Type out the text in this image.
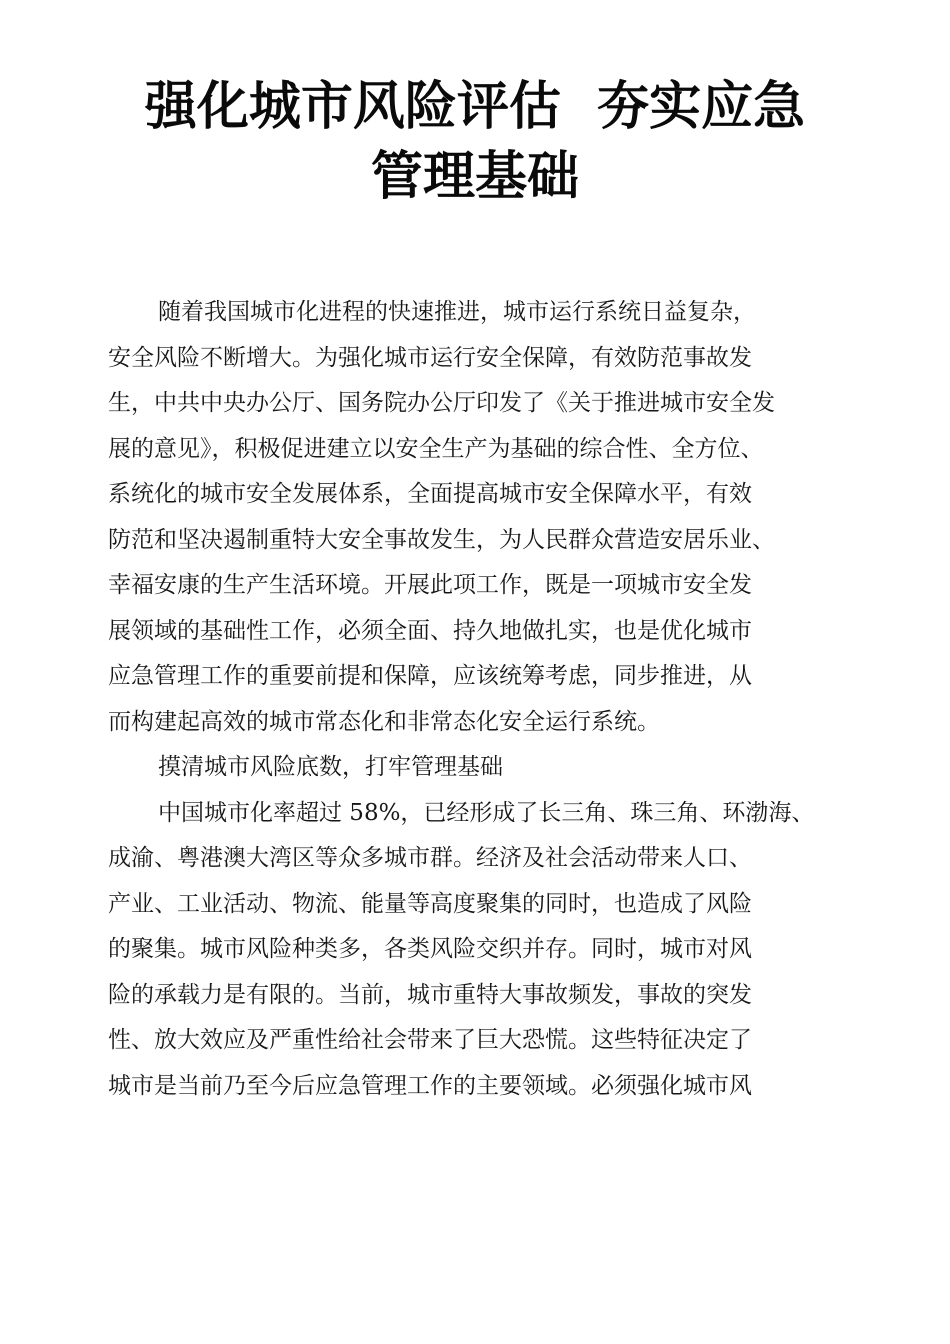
强化城市风险评估  夯实应急
管理基础
随着我国城市化进程的快速推进，城市运行系统日益复杂，
安全风险不断增大。为强化城市运行安全保障，有效防范事故发
生，中共中央办公厅、国务院办公厅印发了《关于推进城市安全发
展的意见》，积极促进建立以安全生产为基础的综合性、全方位、
系统化的城市安全发展体系，全面提高城市安全保障水平，有效
防范和坚决遏制重特大安全事故发生，为人民群众营造安居乐业、
幸福安康的生产生活环境。开展此项工作，既是一项城市安全发
展领域的基础性工作，必须全面、持久地做扎实，也是优化城市
应急管理工作的重要前提和保障，应该统筹考虑，同步推进，从
而构建起高效的城市常态化和非常态化安全运行系统。
摸清城市风险底数，打牢管理基础
中国城市化率超过 58%，已经形成了长三角、珠三角、环渤海、
成渝、粤港澳大湾区等众多城市群。经济及社会活动带来人口、
产业、工业活动、物流、能量等高度聚集的同时，也造成了风险
的聚集。城市风险种类多，各类风险交织并存。同时，城市对风
险的承载力是有限的。当前，城市重特大事故频发，事故的突发
性、放大效应及严重性给社会带来了巨大恐慌。这些特征决定了
城市是当前乃至今后应急管理工作的主要领域。必须强化城市风
